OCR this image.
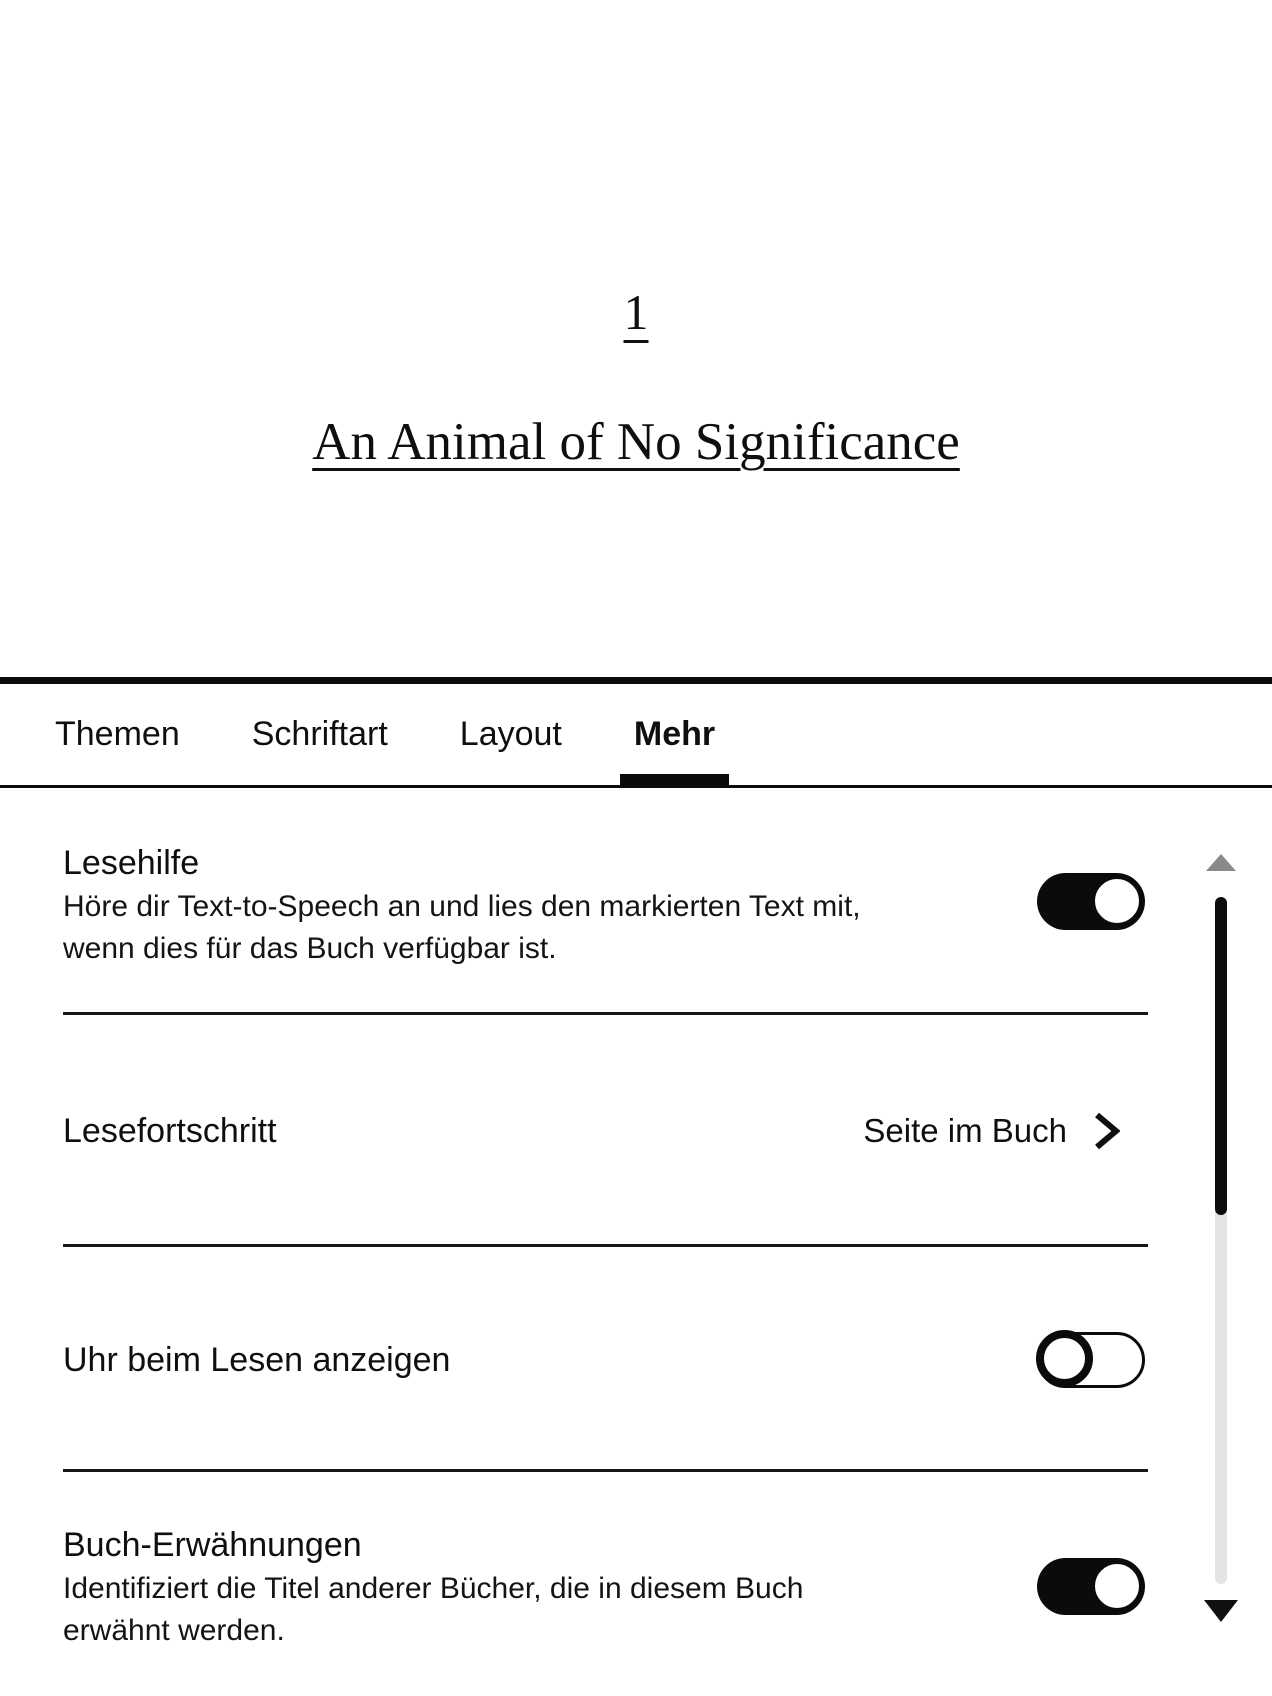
1
An Animal of No Significance
Themen Schriftart Layout Mehr
Lesehilfe

Höre dir Text-to-Speech an und lies den markierten Text mit, wenn dies für das Buch verfügbar ist.

Lesefortschritt	Seite im Buch
Uhr beim Lesen anzeigen
Buch-Erwähnungen

Identifiziert die Titel anderer Bücher, die in diesem Buch erwähnt werden.
